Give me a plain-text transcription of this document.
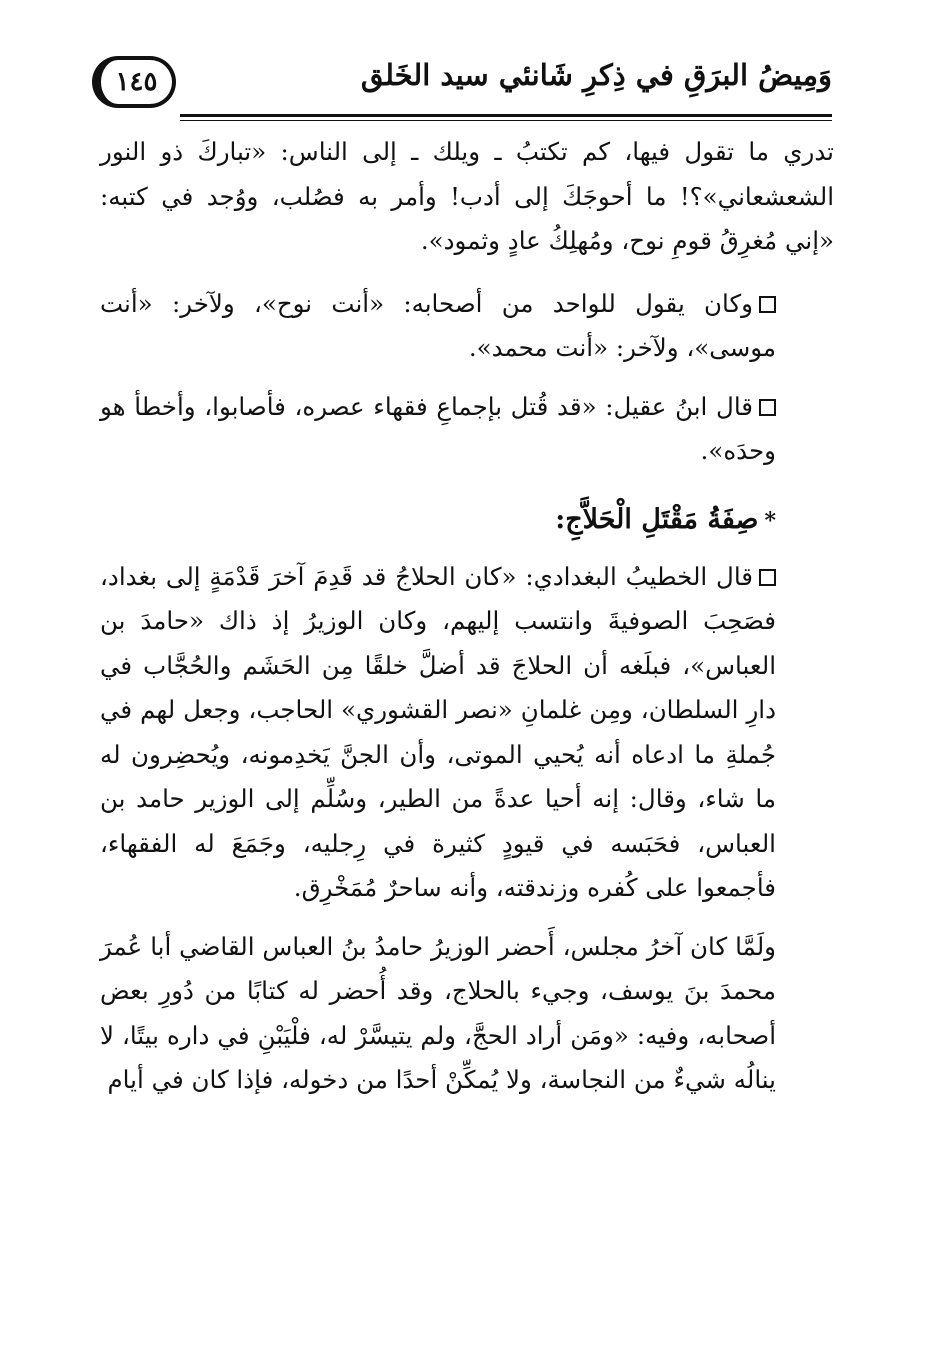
١٤٥	وَمِيضُ البرَقِ في ذِكرِ شَانئي سيد الخَلق

تدري ما تقول فيها، كم تكتبُ ـ ويلك ـ إلى الناس: «تباركَ ذو النور الشعشعاني»؟! ما أحوجَكَ إلى أدب! وأمر به فصُلب، ووُجد في كتبه: «إني مُغرِقُ قومِ نوح، ومُهلِكُ عادٍ وثمود».

وكان يقول للواحد من أصحابه: «أنت نوح»، ولآخر: «أنت موسى»، ولآخر: «أنت محمد».

قال ابنُ عقيل: «قد قُتل بإجماعِ فقهاء عصره، فأصابوا، وأخطأ هو وحدَه».

*صِفَةُ مَقْتَلِ الْحَلاَّجِ:

قال الخطيبُ البغدادي: «كان الحلاجُ قد قَدِمَ آخرَ قَدْمَةٍ إلى بغداد، فصَحِبَ الصوفيةَ وانتسب إليهم، وكان الوزيرُ إذ ذاك «حامدَ بن العباس»، فبلَغه أن الحلاجَ قد أضلَّ خلقًا مِن الحَشَم والحُجَّاب في دارِ السلطان، ومِن غلمانِ «نصر القشوري» الحاجب، وجعل لهم في جُملةِ ما ادعاه أنه يُحيي الموتى، وأن الجنَّ يَخدِمونه، ويُحضِرون له ما شاء، وقال: إنه أحيا عدةً من الطير، وسُلِّم إلى الوزير حامد بن العباس، فحَبَسه في قيودٍ كثيرة في رِجليه، وجَمَعَ له الفقهاء، فأجمعوا على كُفره وزندقته، وأنه ساحرٌ مُمَخْرِق.

ولَمَّا كان آخرُ مجلس، أَحضر الوزيرُ حامدُ بنُ العباس القاضي أبا عُمرَ محمدَ بنَ يوسف، وجيء بالحلاج، وقد أُحضر له كتابًا من دُورِ بعض أصحابه، وفيه: «ومَن أراد الحجَّ، ولم يتيسَّرْ له، فلْيَبْنِ في داره بيتًا، لا ينالُه شيءٌ من النجاسة، ولا يُمكِّنْ أحدًا من دخوله، فإذا كان في أيام
